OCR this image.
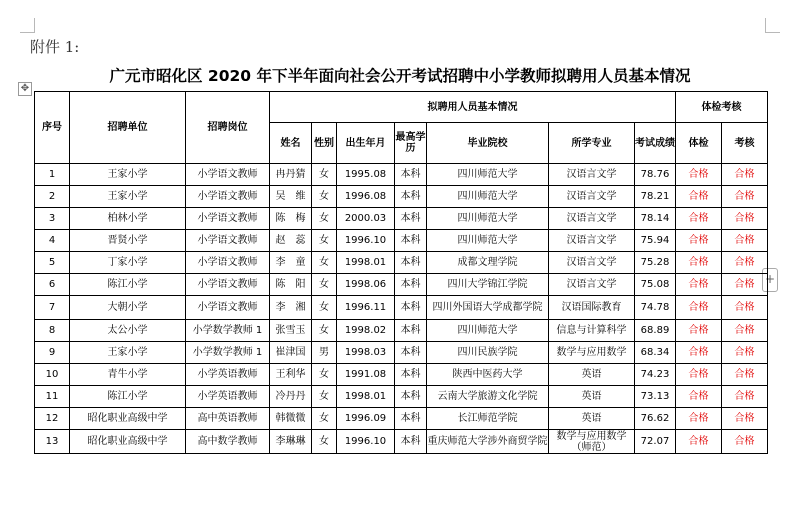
附件 1:
✥
广元市昭化区 2020 年下半年面向社会公开考试招聘中小学教师拟聘用人员基本情况
+
序号	招聘单位	招聘岗位	拟聘用人员基本情况							体检考核	
			姓名	性别	出生年月	最高学历	毕业院校	所学专业	考试成绩	体检	考核
1	王家小学	小学语文教师	冉丹猜	女	1995.08	本科	四川师范大学	汉语言文学	78.76	合格	合格
2	王家小学	小学语文教师	吴　维	女	1996.08	本科	四川师范大学	汉语言文学	78.21	合格	合格
3	柏林小学	小学语文教师	陈　梅	女	2000.03	本科	四川师范大学	汉语言文学	78.14	合格	合格
4	晋贤小学	小学语文教师	赵　蕊	女	1996.10	本科	四川师范大学	汉语言文学	75.94	合格	合格
5	丁家小学	小学语文教师	李　童	女	1998.01	本科	成都文理学院	汉语言文学	75.28	合格	合格
6	陈江小学	小学语文教师	陈　阳	女	1998.06	本科	四川大学锦江学院	汉语言文学	75.08	合格	合格
7	大朝小学	小学语文教师	李　湘	女	1996.11	本科	四川外国语大学成都学院	汉语国际教育	74.78	合格	合格
8	太公小学	小学数学教师 1	张雪玉	女	1998.02	本科	四川师范大学	信息与计算科学	68.89	合格	合格
9	王家小学	小学数学教师 1	崔津国	男	1998.03	本科	四川民族学院	数学与应用数学	68.34	合格	合格
10	青牛小学	小学英语教师	王利华	女	1991.08	本科	陕西中医药大学	英语	74.23	合格	合格
11	陈江小学	小学英语教师	冷丹丹	女	1998.01	本科	云南大学旅游文化学院	英语	73.13	合格	合格
12	昭化职业高级中学	高中英语教师	韩微微	女	1996.09	本科	长江师范学院	英语	76.62	合格	合格
13	昭化职业高级中学	高中数学教师	李琳琳	女	1996.10	本科	重庆师范大学涉外商贸学院	数学与应用数学（师范）	72.07	合格	合格
